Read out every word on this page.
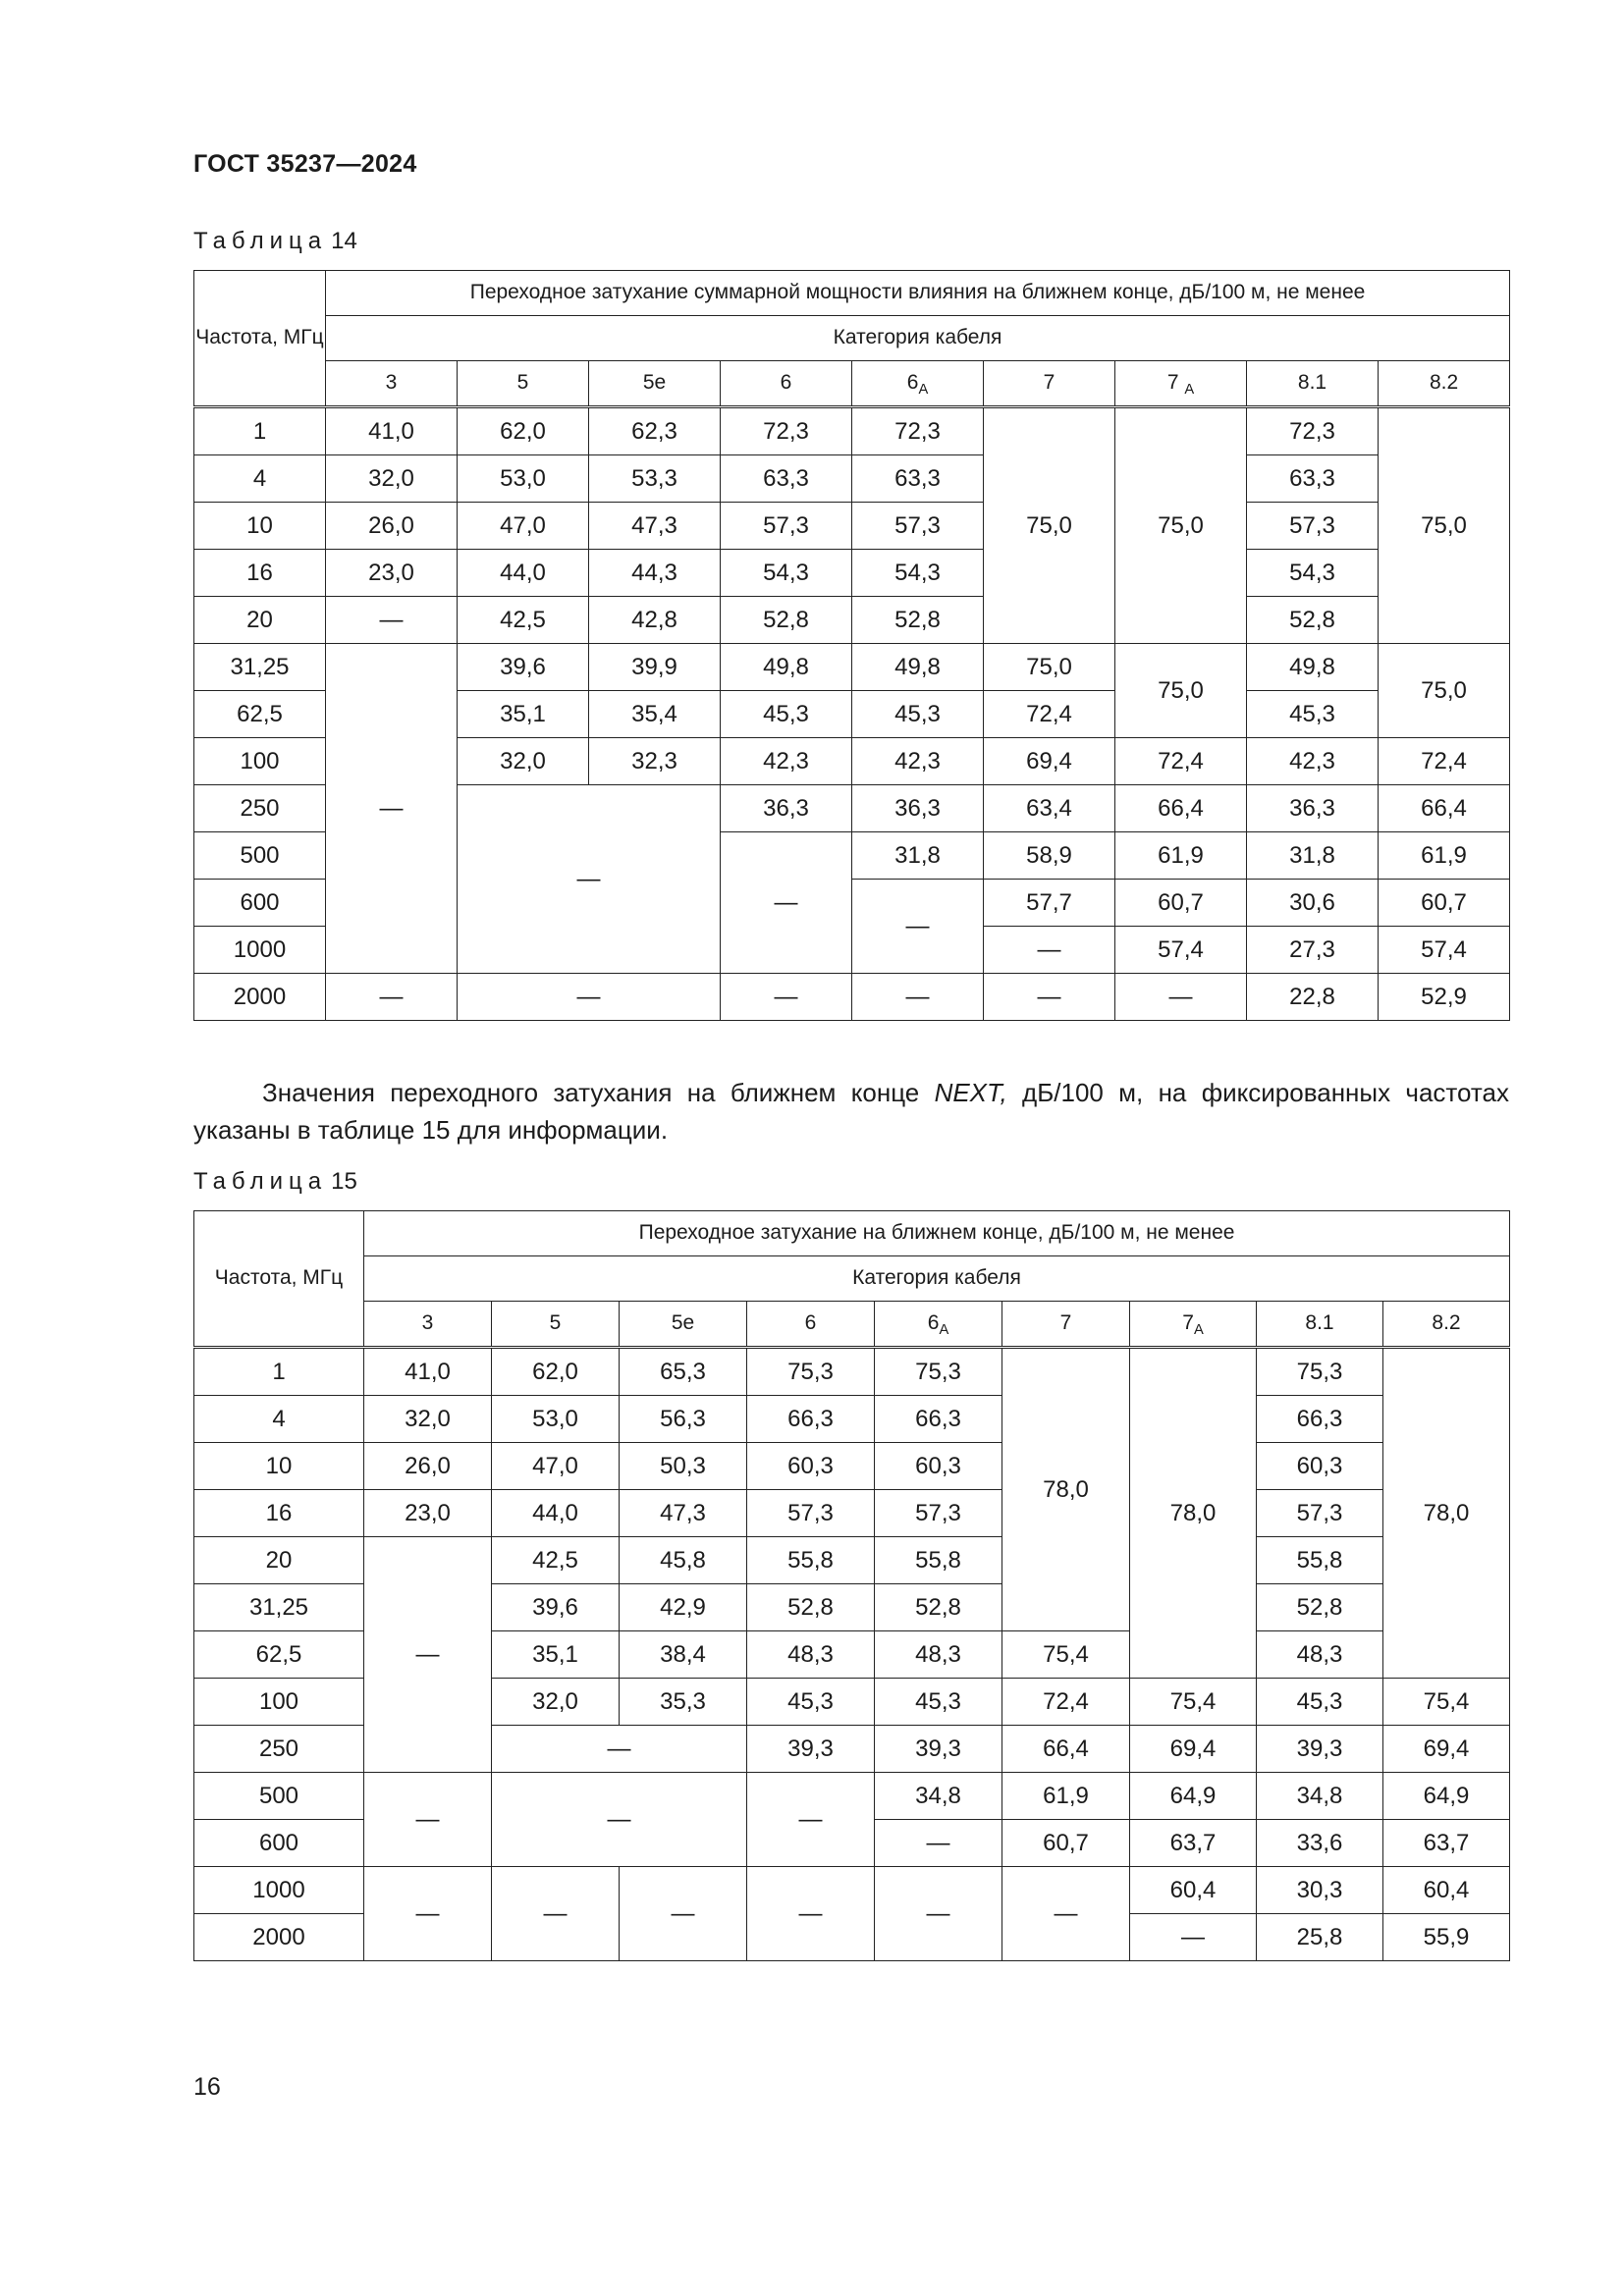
ГОСТ 35237—2024
Таблица 14
Частота, МГц	Переходное затухание суммарной мощности влияния на ближнем конце, дБ/100 м, не менее								
	Категория кабеля								
	3	5	5e	6	$6_A$	7	7 $_A$	8.1	8.2
1	41,0	62,0	62,3	72,3	72,3	75,0	75,0	72,3	75,0
4	32,0	53,0	53,3	63,3	63,3			63,3	
10	26,0	47,0	47,3	57,3	57,3			57,3	
16	23,0	44,0	44,3	54,3	54,3			54,3	
20	—	42,5	42,8	52,8	52,8			52,8	
31,25	—	39,6	39,9	49,8	49,8	75,0	75,0	49,8	75,0
62,5		35,1	35,4	45,3	45,3	72,4		45,3	
100		32,0	32,3	42,3	42,3	69,4	72,4	42,3	72,4
250		—		36,3	36,3	63,4	66,4	36,3	66,4
500				—	31,8	58,9	61,9	31,8	61,9
600					—	57,7	60,7	30,6	60,7
1000						—	57,4	27,3	57,4
2000	—	—		—	—	—	—	22,8	52,9
Значения переходного затухания на ближнем конце NEXT, дБ/100 м, на фиксированных частотах указаны в таблице 15 для информации.
Таблица 15
Частота, МГц	Переходное затухание на ближнем конце, дБ/100 м, не менее								
	Категория кабеля								
	3	5	5e	6	$6_A$	7	$7_A$	8.1	8.2
1	41,0	62,0	65,3	75,3	75,3	78,0	78,0	75,3	78,0
4	32,0	53,0	56,3	66,3	66,3			66,3	
10	26,0	47,0	50,3	60,3	60,3			60,3	
16	23,0	44,0	47,3	57,3	57,3			57,3	
20	—	42,5	45,8	55,8	55,8			55,8	
31,25		39,6	42,9	52,8	52,8			52,8	
62,5		35,1	38,4	48,3	48,3	75,4		48,3	
100		32,0	35,3	45,3	45,3	72,4	75,4	45,3	75,4
250		—		39,3	39,3	66,4	69,4	39,3	69,4
500	—	—		—	34,8	61,9	64,9	34,8	64,9
600					—	60,7	63,7	33,6	63,7
1000	—	—	—	—	—	—	60,4	30,3	60,4
2000							—	25,8	55,9
16
